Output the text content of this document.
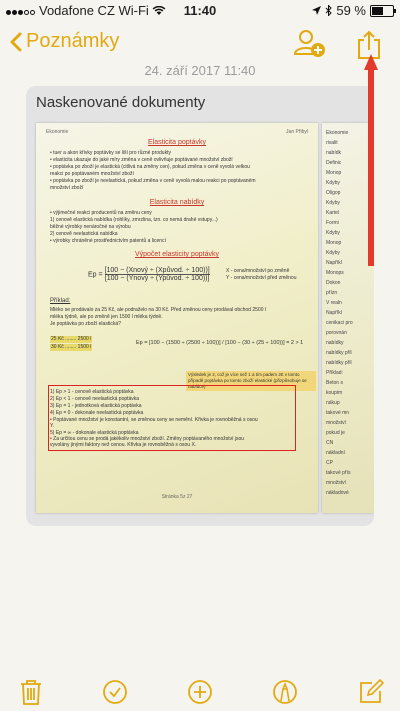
Vodafone CZ Wi-Fi	11:40	59 %
Poznámky
24. září 2017 11:40
Naskenované dokumenty
Ekonomie	Jan Přibyl
Elasticita poptávky
• tuer a akon křivky poptávky se liší pro různé produkty
• elasticita ukazuje do jaké míry změna v ceně ovlivňuje poptávané množství zboží
• poptávka po zboží je elastická (citlivá na změny cen), pokud změna v ceně vyvolá velkou
reakci po poptávaném množství zboží
• poptávka po zboží je neelastická, pokud změna v ceně vyvolá malou reakci po poptávaném
množství zboží
Elasticita nabídky
• výjimečné reakci producentů na změnu ceny
1) cenově elastická nabídka (rohlíky, zmrzlina, tzn. co nemá drahé vstupy...)
běžné výrobky nenáročné na výrobu
2) cenově neelastická nabídka
• výrobky chráněné prostřednictvím patentů a licencí
Výpočet elasticity poptávky
Ep =
[100 − (Xnový ÷ (Xpůvod. ÷ 100))]
[100 − (Ynový ÷ (Ypůvod. ÷ 100))]
X - cena/množství po změně
Y - cena/množství před změnou
Příklad:
Mléko se prodávalo za 25 Kč, ale podraželo na 30 Kč. Před změnou ceny prodával obchod 2500 l
mléka týdně, ale po změně jen 1500 l mléka týdně.
Je poptávka po zboží elastická?
25 Kč ........ 2500 l
30 Kč ........ 1500 l
Ep = [100 − (1500 ÷ (2500 ÷ 100))] / [100 − (30 ÷ (25 ÷ 100))] = 2 > 1
Výsledek je 2, což je více než 1 a tím padem JE v tomto případě poptávka po tomto zboží elastické (přizpůsobuje se nabídce)
1) Ep > 1 - cenově elastická poptávka
2) Ep < 1 - cenově neelastická poptávka
3) Ep = 1 - jednotková elastická poptávka
4) Ep = 0 - dokonale neelastická poptávka
• Poptávané množství je konstantní, se změnou ceny se nemění. Křivka je rovnoběžná s osou
Y.
5) Ep = ∞ - dokonale elastická poptávka
• Za určitou cenu se prodá jakékoliv množství zboží. Změny poptávaného množství jsou
vyvolány jinými faktory než cenou. Křivka je rovnoběžná s osou X.
Stránka 5z 27
Ekonomie
rivalit
nabídk
Definic
Monop
Kdyby
Oligop
Kdyby
Kartel
Formi
Kdyby
Monop
Kdyby
Napříkl
Monops
Dokon
přízn
V realn
Napříkl
cenikaci pro
porovnán
nabídky
nabídky přil
nabídky přil
Příklad:
Beton s
koupim
nákup
takové mn
množství
pokud je
CN
nákladní
CP
takové přís
množství
nákladové
